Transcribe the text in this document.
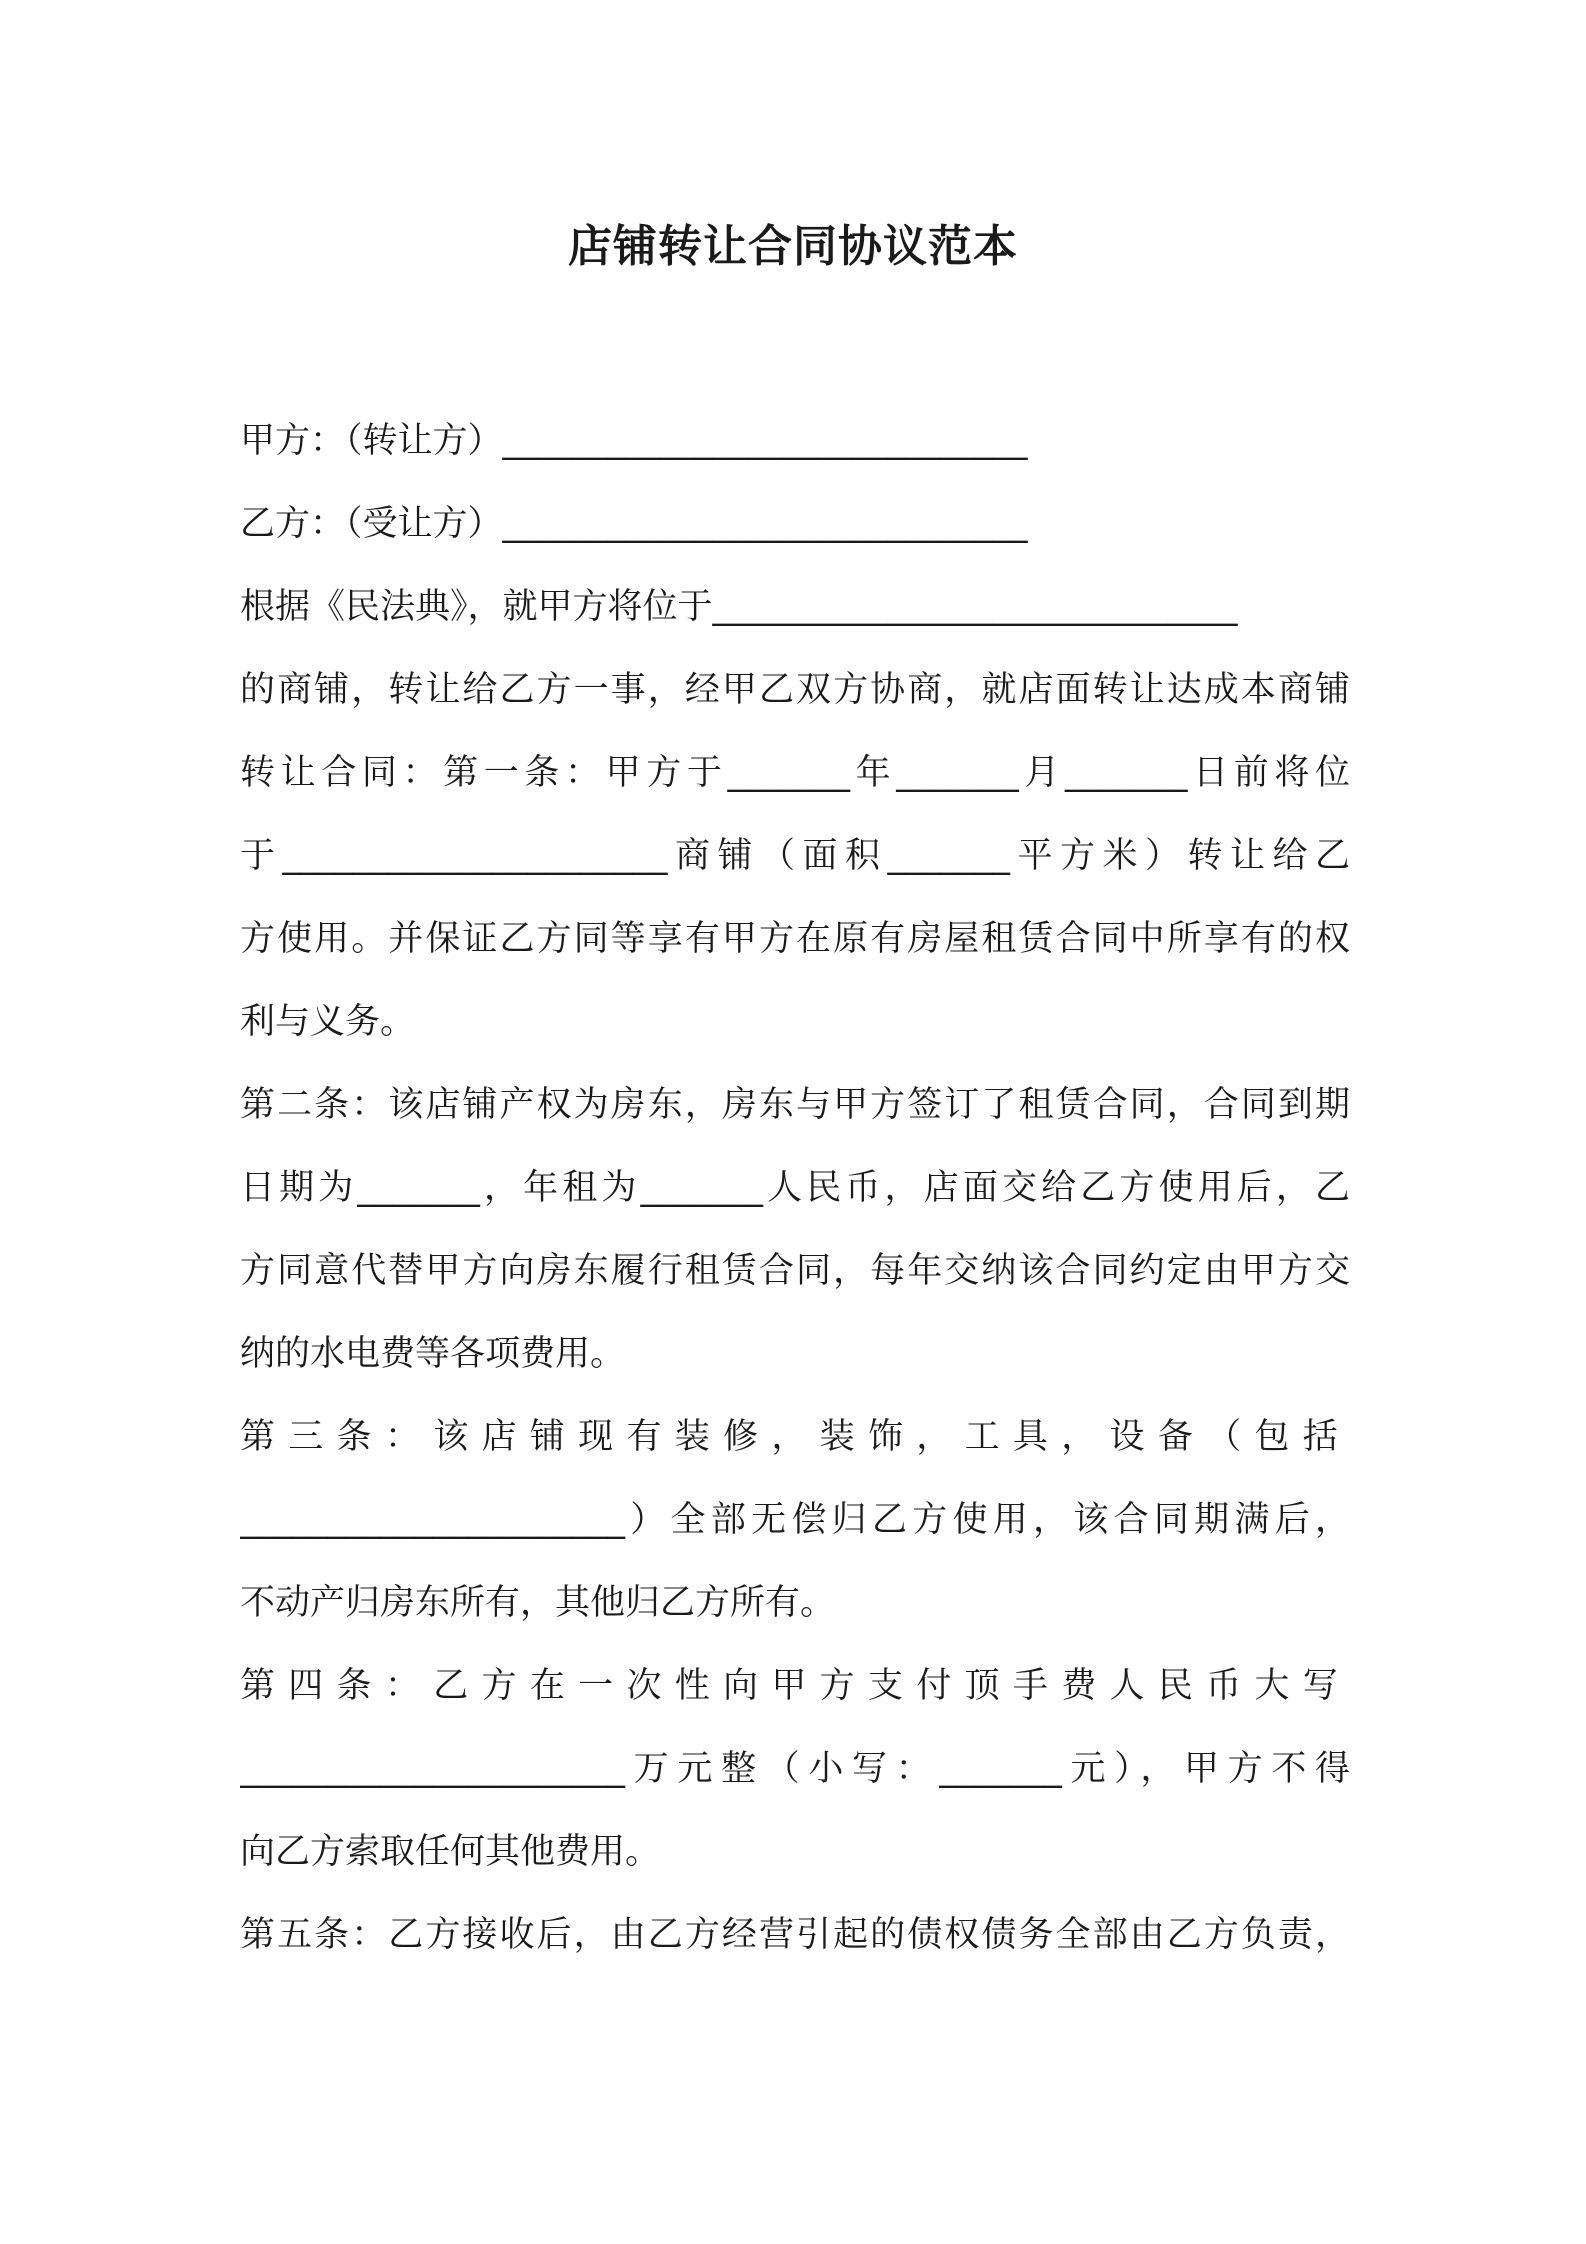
店铺转让合同协议范本
甲方：（转让方）______________________________
乙方：（受让方）______________________________
根据《民法典》，就甲方将位于______________________________
的商铺，转让给乙方一事，经甲乙双方协商，就店面转让达成本商铺
转让合同：第一条：甲方于_______年_______月_______日前将位
于______________________商铺（面积_______平方米）转让给乙
方使用。并保证乙方同等享有甲方在原有房屋租赁合同中所享有的权
利与义务。
第二条：该店铺产权为房东，房东与甲方签订了租赁合同，合同到期
日期为_______，年租为_______人民币，店面交给乙方使用后，乙
方同意代替甲方向房东履行租赁合同，每年交纳该合同约定由甲方交
纳的水电费等各项费用。
第三条：该店铺现有装修，装饰，工具，设备（包括
______________________）全部无偿归乙方使用，该合同期满后，
不动产归房东所有，其他归乙方所有。
第四条：乙方在一次性向甲方支付顶手费人民币大写
______________________万元整（小写：_______元），甲方不得
向乙方索取任何其他费用。
第五条：乙方接收后，由乙方经营引起的债权债务全部由乙方负责，
